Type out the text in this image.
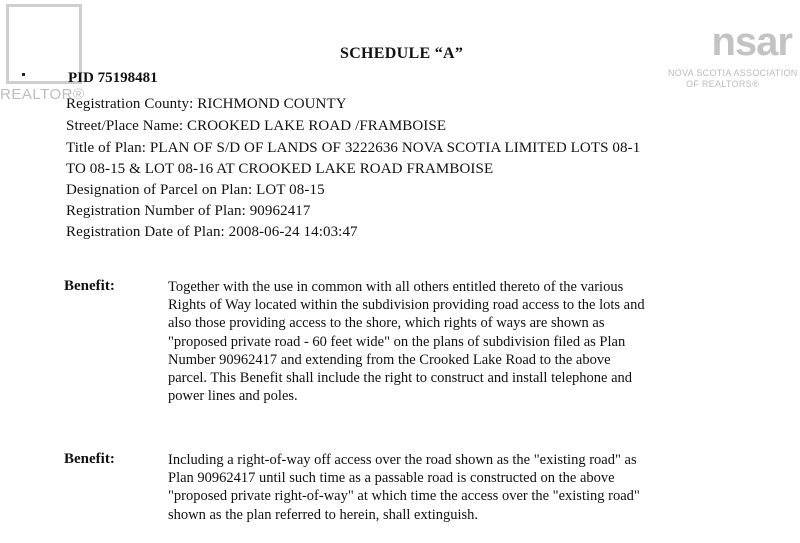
REALTOR®
nsar
NOVA SCOTIA ASSOCIATION
OF REALTORS®
SCHEDULE “A”
PID 75198481
Registration County: RICHMOND COUNTY
Street/Place Name: CROOKED LAKE ROAD /FRAMBOISE
Title of Plan: PLAN OF S/D OF LANDS OF 3222636 NOVA SCOTIA LIMITED LOTS 08-1
TO 08-15 & LOT 08-16 AT CROOKED LAKE ROAD FRAMBOISE
Designation of Parcel on Plan: LOT 08-15
Registration Number of Plan: 90962417
Registration Date of Plan: 2008-06-24 14:03:47
Benefit:	Together with the use in common with all others entitled thereto of the various
Rights of Way located within the subdivision providing road access to the lots and
also those providing access to the shore, which rights of ways are shown as
"proposed private road - 60 feet wide" on the plans of subdivision filed as Plan
Number 90962417 and extending from the Crooked Lake Road to the above
parcel. This Benefit shall include the right to construct and install telephone and
power lines and poles.
Benefit:	Including a right-of-way off access over the road shown as the "existing road" as
Plan 90962417 until such time as a passable road is constructed on the above
"proposed private right-of-way" at which time the access over the "existing road"
shown as the plan referred to herein, shall extinguish.
